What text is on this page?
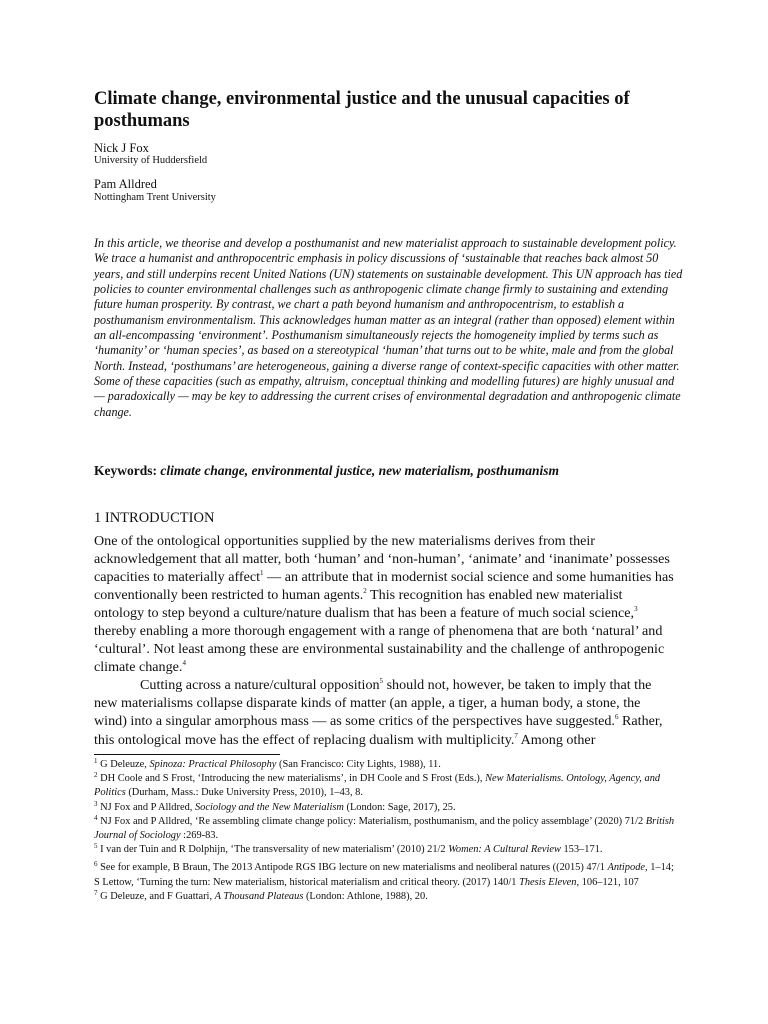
Climate change, environmental justice and the unusual capacities of posthumans
Nick J Fox
University of Huddersfield
Pam Alldred
Nottingham Trent University

In this article, we theorise and develop a posthumanist and new materialist approach to sustainable development policy. We trace a humanist and anthropocentric emphasis in policy discussions of ‘sustainable that reaches back almost 50 years, and still underpins recent United Nations (UN) statements on sustainable development. This UN approach has tied policies to counter environmental challenges such as anthropogenic climate change firmly to sustaining and extending future human prosperity. By contrast, we chart a path beyond humanism and anthropocentrism, to establish a posthumanism environmentalism. This acknowledges human matter as an integral (rather than opposed) element within an all-encompassing ‘environment’. Posthumanism simultaneously rejects the homogeneity implied by terms such as ‘humanity’ or ‘human species’, as based on a stereotypical ‘human’ that turns out to be white, male and from the global North. Instead, ‘posthumans’ are heterogeneous, gaining a diverse range of context-specific capacities with other matter. Some of these capacities (such as empathy, altruism, conceptual thinking and modelling futures) are highly unusual and— paradoxically — may be key to addressing the current crises of environmental degradation and anthropogenic climate change.

Keywords: climate change, environmental justice, new materialism, posthumanism
1 INTRODUCTION

One of the ontological opportunities supplied by the new materialisms derives from their acknowledgement that all matter, both ‘human’ and ‘non-human’, ‘animate’ and ‘inanimate’ possesses capacities to materially affect$^1$ — an attribute that in modernist social science and some humanities has conventionally been restricted to human agents.$^2$ This recognition has enabled new materialist ontology to step beyond a culture/nature dualism that has been a feature of much social science,$^3$ thereby enabling a more thorough engagement with a range of phenomena that are both ‘natural’ and ‘cultural’. Not least among these are environmental sustainability and the challenge of anthropogenic climate change.$^4$

Cutting across a nature/cultural opposition$^5$ should not, however, be taken to imply that the new materialisms collapse disparate kinds of matter (an apple, a tiger, a human body, a stone, the wind) into a singular amorphous mass — as some critics of the perspectives have suggested.$^6$ Rather, this ontological move has the effect of replacing dualism with multiplicity.$^7$ Among other

$^1$ G Deleuze, Spinoza: Practical Philosophy (San Francisco: City Lights, 1988), 11.

$^2$ DH Coole and S Frost, ‘Introducing the new materialisms’, in DH Coole and S Frost (Eds.), New Materialisms. Ontology, Agency, and Politics (Durham, Mass.: Duke University Press, 2010), 1–43, 8.

$^3$ NJ Fox and P Alldred, Sociology and the New Materialism (London: Sage, 2017), 25.

$^4$ NJ Fox and P Alldred, ‘Re assembling climate change policy: Materialism, posthumanism, and the policy assemblage’ (2020) 71/2 British Journal of Sociology :269-83.

$^5$ I van der Tuin and R Dolphijn, ‘The transversality of new materialism’ (2010) 21/2 Women: A Cultural Review 153–171.

$^6$ See for example, B Braun, The 2013 Antipode RGS IBG lecture on new materialisms and neoliberal natures ((2015) 47/1 Antipode, 1–14; S Lettow, ‘Turning the turn: New materialism, historical materialism and critical theory. (2017) 140/1 Thesis Eleven, 106–121, 107

$^7$ G Deleuze, and F Guattari, A Thousand Plateaus (London: Athlone, 1988), 20.
